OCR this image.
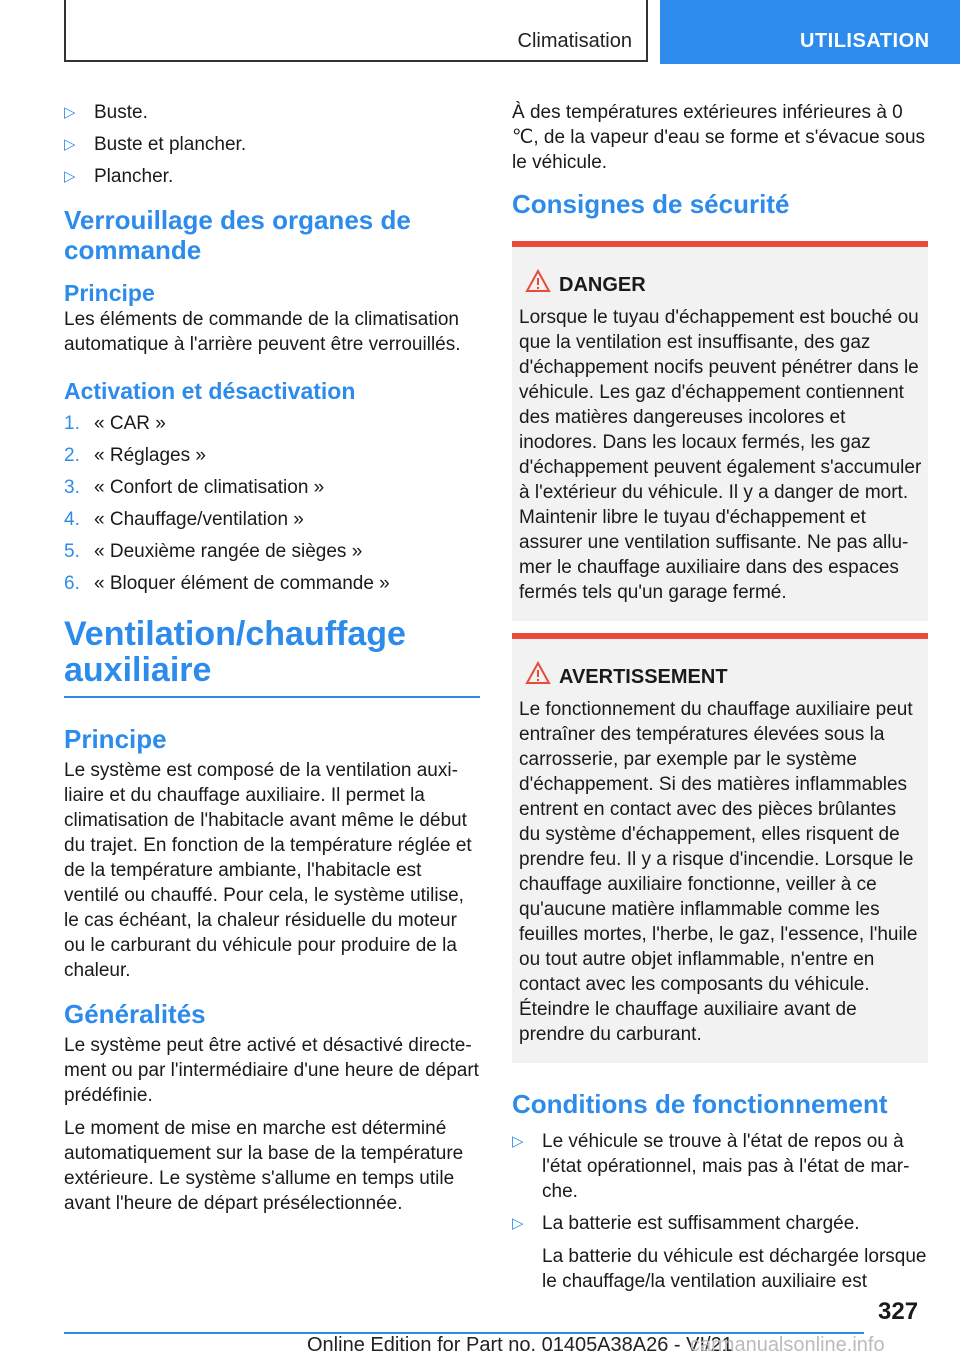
Climatisation	UTILISATION
▷ Buste.
▷ Buste et plancher.
▷ Plancher.
Verrouillage des organes de commande
Principe

Les éléments de commande de la climatisation automatique à l'arrière peuvent être verrouillés.

Activation et désactivation
1. « CAR »
2. « Réglages »
3. « Confort de climatisation »
4. « Chauffage/ventilation »
5. « Deuxième rangée de sièges »
6. « Bloquer élément de commande »
Ventilation/chauffage auxiliaire
Principe

Le système est composé de la ventilation auxiliaire et du chauffage auxiliaire. Il permet la climatisation de l'habitacle avant même le début du trajet. En fonction de la température réglée et de la température ambiante, l'habitacle est ventilé ou chauffé. Pour cela, le système utilise, le cas échéant, la chaleur résiduelle du moteur ou le carburant du véhicule pour produire de la chaleur.

Généralités

Le système peut être activé et désactivé directement ou par l'intermédiaire d'une heure de départ prédéfinie.

Le moment de mise en marche est déterminé automatiquement sur la base de la température extérieure. Le système s'allume en temps utile avant l'heure de départ présélectionnée.

À des températures extérieures inférieures à 0 ℃, de la vapeur d'eau se forme et s'évacue sous le véhicule.

Consignes de sécurité
DANGER

Lorsque le tuyau d'échappement est bouché ou que la ventilation est insuffisante, des gaz d'échappement nocifs peuvent pénétrer dans le véhicule. Les gaz d'échappement contiennent des matières dangereuses incolores et inodores. Dans les locaux fermés, les gaz d'échappement peuvent également s'accumuler à l'extérieur du véhicule. Il y a danger de mort. Maintenir libre le tuyau d'échappement et assurer une ventilation suffisante. Ne pas allumer le chauffage auxiliaire dans des espaces fermés tels qu'un garage fermé.

AVERTISSEMENT

Le fonctionnement du chauffage auxiliaire peut entraîner des températures élevées sous la carrosserie, par exemple par le système d'échappement. Si des matières inflammables entrent en contact avec des pièces brûlantes du système d'échappement, elles risquent de prendre feu. Il y a risque d'incendie. Lorsque le chauffage auxiliaire fonctionne, veiller à ce qu'aucune matière inflammable comme les feuilles mortes, l'herbe, le gaz, l'essence, l'huile ou tout autre objet inflammable, n'entre en contact avec les composants du véhicule. Éteindre le chauffage auxiliaire avant de prendre du carburant.

Conditions de fonctionnement
▷ Le véhicule se trouve à l'état de repos ou à l'état opérationnel, mais pas à l'état de marche.
▷ La batterie est suffisamment chargée.

La batterie du véhicule est déchargée lorsque le chauffage/la ventilation auxiliaire est

327
Online Edition for Part no. 01405A38A26 - VI/21
carmanualsonline.info
